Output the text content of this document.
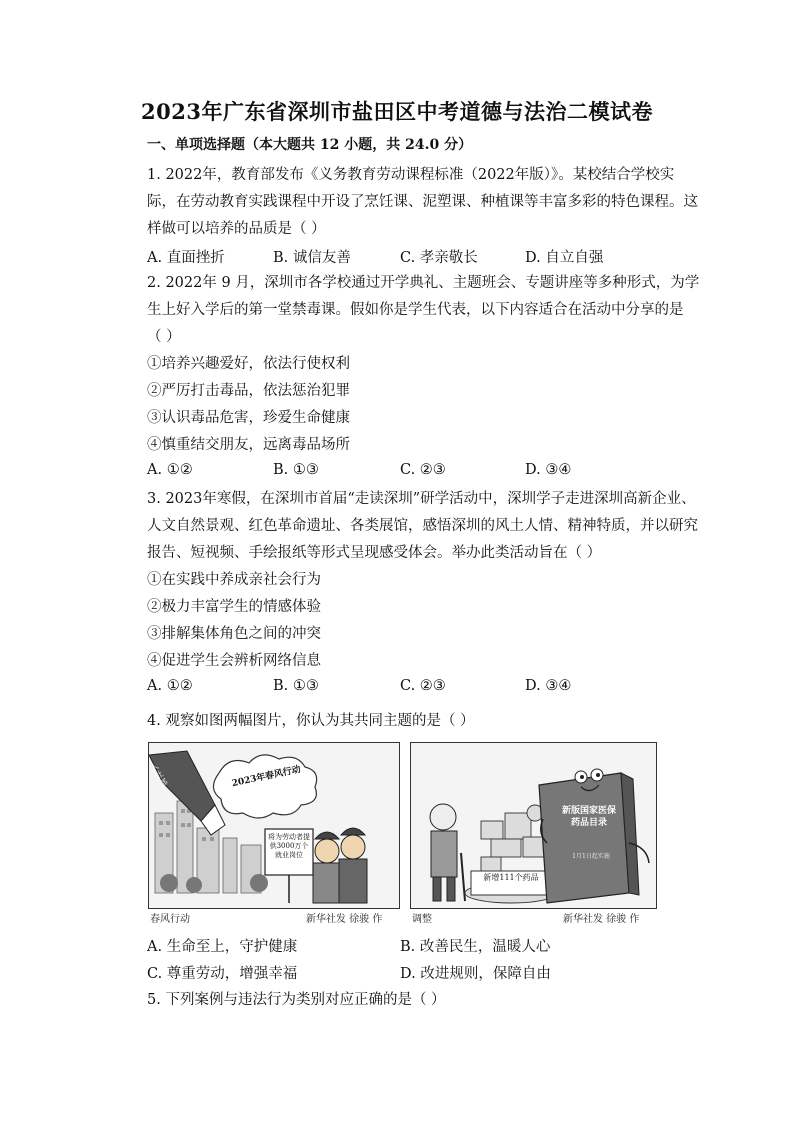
2023年广东省深圳市盐田区中考道德与法治二模试卷
一、单项选择题（本大题共 12 小题，共 24.0 分）
1. 2022年，教育部发布《义务教育劳动课程标准（2022年版）》。某校结合学校实
际，在劳动教育实践课程中开设了烹饪课、泥塑课、种植课等丰富多彩的特色课程。这
样做可以培养的品质是（ ）
A. 直面挫折	B. 诚信友善	C. 孝亲敬长	D. 自立自强
2. 2022年 9 月，深圳市各学校通过开学典礼、主题班会、专题讲座等多种形式，为学
生上好入学后的第一堂禁毒课。假如你是学生代表，以下内容适合在活动中分享的是
（ ）
①培养兴趣爱好，依法行使权利
②严厉打击毒品，依法惩治犯罪
③认识毒品危害，珍爱生命健康
④慎重结交朋友，远离毒品场所
A. ①②	B. ①③	C. ②③	D. ③④
3. 2023年寒假，在深圳市首届“走读深圳”研学活动中，深圳学子走进深圳高新企业、
人文自然景观、红色革命遗址、各类展馆，感悟深圳的风土人情、精神特质，并以研究
报告、短视频、手绘报纸等形式呈现感受体会。举办此类活动旨在（ ）
①在实践中养成亲社会行为
②极力丰富学生的情感体验
③排解集体角色之间的冲突
④促进学生会辨析网络信息
A. ①②	B. ①③	C. ②③	D. ③④
4. 观察如图两幅图片，你认为其共同主题的是（ ）
2023年春风行动
人社部
将为劳动者提供3000万个就业岗位
春风行动	新华社发 徐骏 作
新版国家医保药品目录
1月1日起实施
新增111个药品
调整	新华社发 徐骏 作
A. 生命至上，守护健康	B. 改善民生，温暖人心
C. 尊重劳动，增强幸福	D. 改进规则，保障自由
5. 下列案例与违法行为类别对应正确的是（ ）
